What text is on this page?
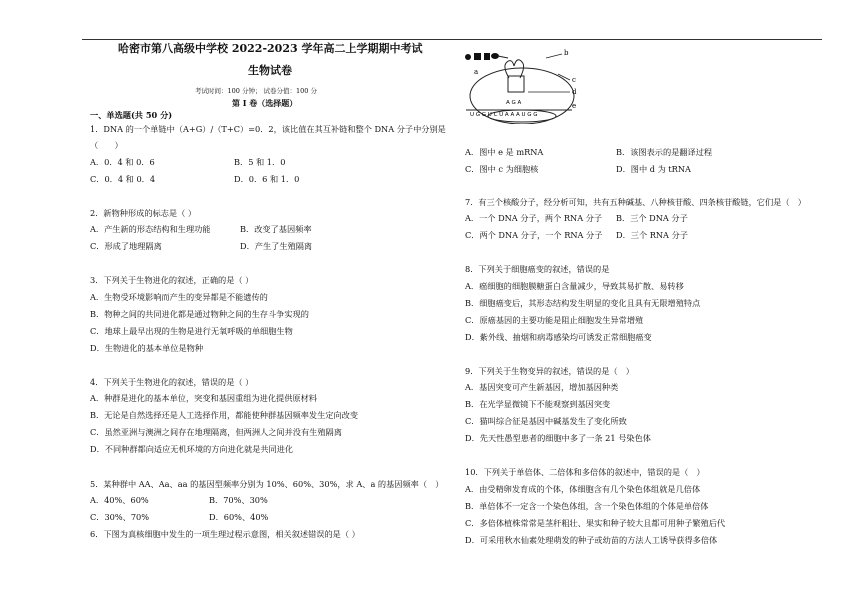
哈密市第八高级中学校 2022-2023 学年高二上学期期中考试
生物试卷
考试时间：100 分钟； 试卷分值：100 分
第 I 卷（选择题）
一、单选题(共 50 分)
1．DNA 的一个单链中（A+G）/（T+C）=0．2，该比值在其互补链和整个 DNA 分子中分别是
（　　）
A．0．4 和 0．6	B．5 和 1．0
C．0．4 和 0．4	D．0．6 和 1．0
2．新物种形成的标志是（ ）
A．产生新的形态结构和生理功能	B．改变了基因频率
C．形成了地理隔离	D．产生了生殖隔离
3．下列关于生物进化的叙述，正确的是（ ）
A．生物受环境影响而产生的变异都是不能遗传的
B．物种之间的共同进化都是通过物种之间的生存斗争实现的
C．地球上最早出现的生物是进行无氧呼吸的单细胞生物
D．生物进化的基本单位是物种
4．下列关于生物进化的叙述，错误的是（ ）
A．种群是进化的基本单位，突变和基因重组为进化提供原材料
B．无论是自然选择还是人工选择作用，都能使种群基因频率发生定向改变
C．虽然亚洲与澳洲之间存在地理隔离，但两洲人之间并没有生殖隔离
D．不同种群都向适应无机环境的方向进化就是共同进化
5．某种群中 AA、Aa、aa 的基因型频率分别为 10%、60%、30%，求 A、a 的基因频率（　）
A．40%、60%	B．70%、30%
C．30%、70%	D．60%、40%
6．下图为真核细胞中发生的一项生理过程示意图，相关叙述错误的是（ ）
a
b
c
d
e
A G A
U G G U C U A A A U G G
A．图中 e 是 mRNA	B．该图表示的是翻译过程
C．图中 c 为细胞核	D．图中 d 为 tRNA
7．有三个核酸分子，经分析可知，共有五种碱基、八种核苷酸、四条核苷酸链，它们是（　）
A．一个 DNA 分子，两个 RNA 分子 B．三个 DNA 分子
C．两个 DNA 分子，一个 RNA 分子 D．三个 RNA 分子
8．下列关于细胞癌变的叙述，错误的是
A．癌细胞的细胞膜糖蛋白含量减少，导致其易扩散、易转移
B．细胞癌变后，其形态结构发生明显的变化且具有无限增殖特点
C．原癌基因的主要功能是阻止细胞发生异常增殖
D．紫外线、抽烟和病毒感染均可诱发正常细胞癌变
9．下列关于生物变异的叙述，错误的是（　）
A．基因突变可产生新基因，增加基因种类
B．在光学显微镜下不能观察到基因突变
C．猫叫综合征是基因中碱基发生了变化所致
D．先天性愚型患者的细胞中多了一条 21 号染色体
10．下列关于单倍体、二倍体和多倍体的叙述中，错误的是（　）
A．由受精卵发育成的个体，体细胞含有几个染色体组就是几倍体
B．单倍体不一定含一个染色体组，含一个染色体组的个体是单倍体
C．多倍体植株常常是茎秆粗壮、果实和种子较大且都可用种子繁殖后代
D．可采用秋水仙素处理萌发的种子或幼苗的方法人工诱导获得多倍体
